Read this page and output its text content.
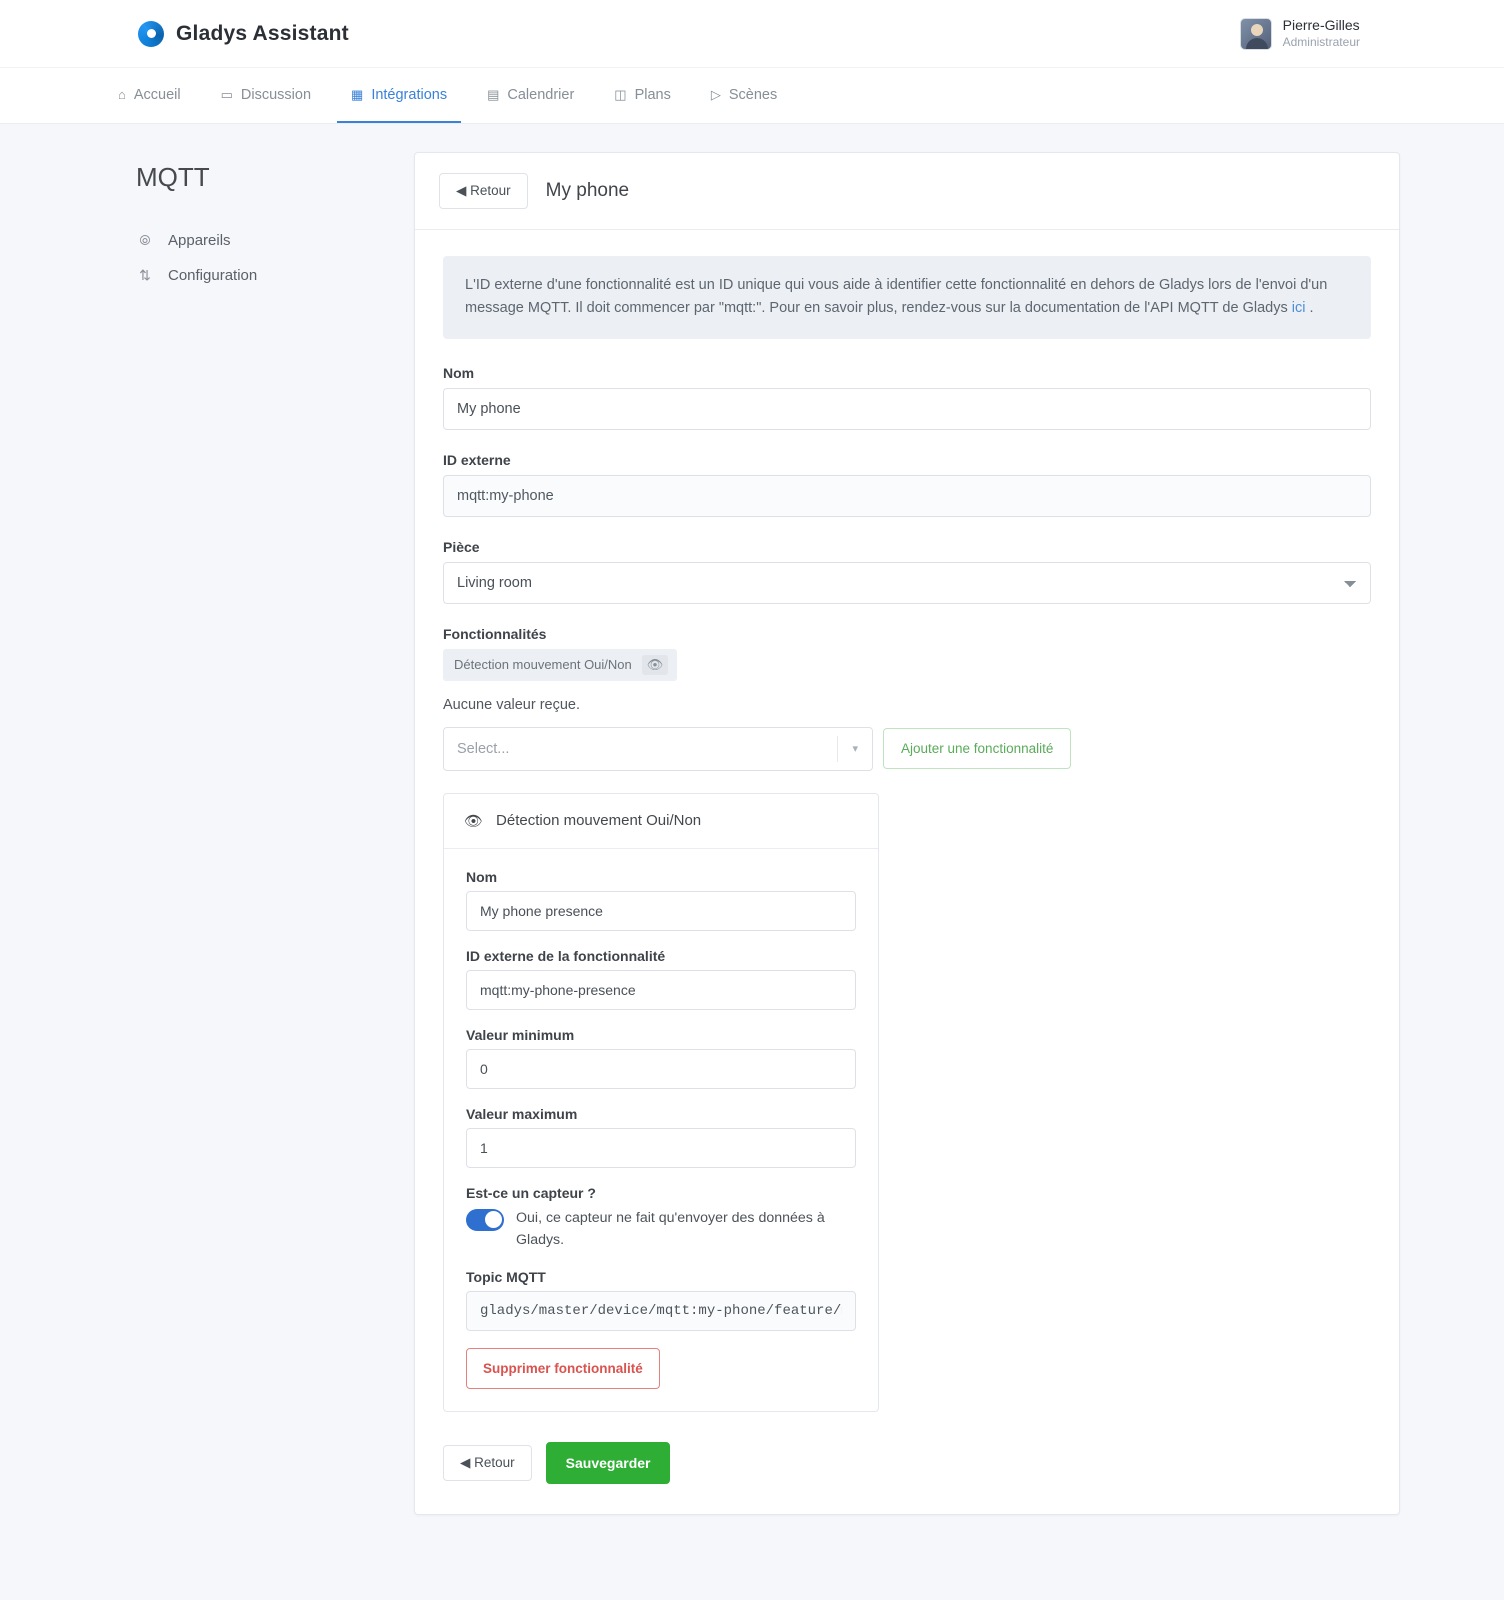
Gladys Assistant	Pierre-Gilles
Administrateur
⌂ Accueil	▭ Discussion	▦ Intégrations	▤ Calendrier	◫ Plans	▷ Scènes
MQTT
⦾ Appareils
⇅ Configuration
◀ Retour	My phone
L'ID externe d'une fonctionnalité est un ID unique qui vous aide à identifier cette fonctionnalité en dehors de Gladys lors de l'envoi d'un message MQTT. Il doit commencer par "mqtt:". Pour en savoir plus, rendez-vous sur la documentation de l'API MQTT de Gladys ici .
Nom
My phone
ID externe
mqtt:my-phone
Pièce
Living room
Fonctionnalités
Détection mouvement Oui/Non	👁
Aucune valeur reçue.
Select...	▾	Ajouter une fonctionnalité
👁 Détection mouvement Oui/Non
Nom
My phone presence
ID externe de la fonctionnalité
mqtt:my-phone-presence
Valeur minimum
0
Valeur maximum
1
Est-ce un capteur ?
Oui, ce capteur ne fait qu'envoyer des données à Gladys.
Topic MQTT
gladys/master/device/mqtt:my-phone/feature/m
Supprimer fonctionnalité
◀ Retour	Sauvegarder
